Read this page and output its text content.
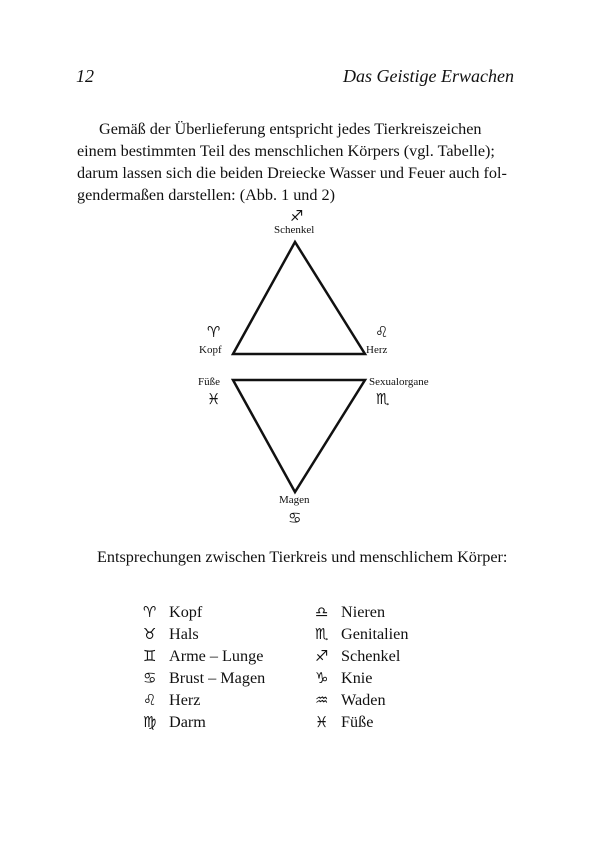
12	Das Geistige Erwachen

Gemäß der Überlieferung entspricht jedes Tierkreiszeichen
einem bestimmten Teil des menschlichen Körpers (vgl. Tabelle);
darum lassen sich die beiden Dreiecke Wasser und Feuer auch fol-
gendermaßen darstellen: (Abb. 1 und 2)

♐
Schenkel
♈
Kopf
♌
Herz
Füße
♓
Sexualorgane
♏
Magen
♋
Entsprechungen zwischen Tierkreis und menschlichem Körper:
♈ Kopf
♉ Hals
♊ Arme – Lunge
♋ Brust – Magen
♌ Herz
♍ Darm
♎ Nieren
♏ Genitalien
♐ Schenkel
♑ Knie
♒ Waden
♓ Füße
